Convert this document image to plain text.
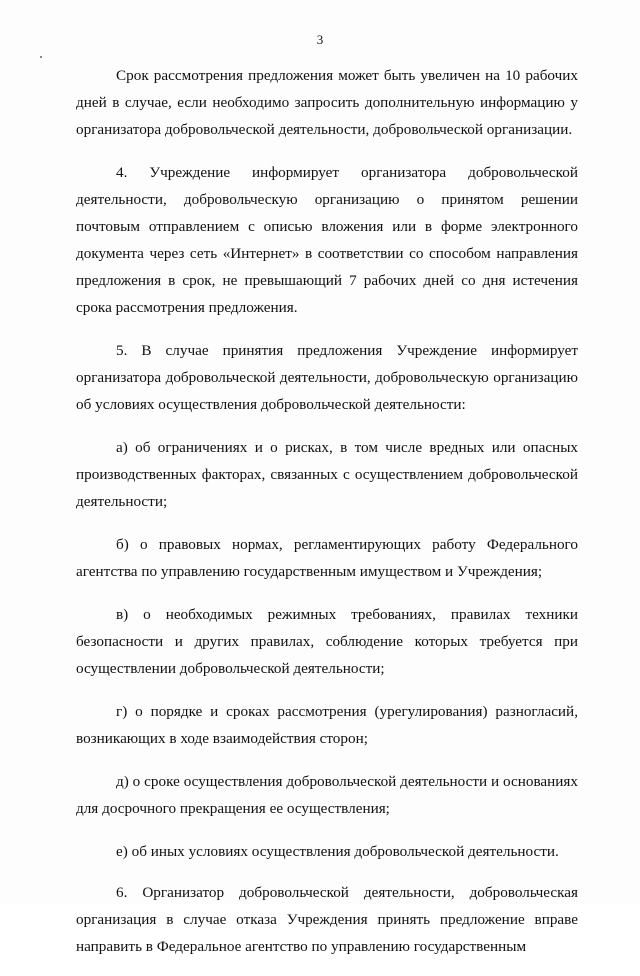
3

Срок рассмотрения предложения может быть увеличен на 10 рабочих дней в случае, если необходимо запросить дополнительную информацию у организатора добровольческой деятельности, добровольческой организации.

4. Учреждение информирует организатора добровольческой деятельности, добровольческую организацию о принятом решении почтовым отправлением с описью вложения или в форме электронного документа через сеть «Интернет» в соответствии со способом направления предложения в срок, не превышающий 7 рабочих дней со дня истечения срока рассмотрения предложения.

5. В случае принятия предложения Учреждение информирует организатора добровольческой деятельности, добровольческую организацию об условиях осуществления добровольческой деятельности:

а) об ограничениях и о рисках, в том числе вредных или опасных производственных факторах, связанных с осуществлением добровольческой деятельности;

б) о правовых нормах, регламентирующих работу Федерального агентства по управлению государственным имуществом и Учреждения;

в) о необходимых режимных требованиях, правилах техники безопасности и других правилах, соблюдение которых требуется при осуществлении добровольческой деятельности;

г) о порядке и сроках рассмотрения (урегулирования) разногласий, возникающих в ходе взаимодействия сторон;

д) о сроке осуществления добровольческой деятельности и основаниях для досрочного прекращения ее осуществления;

е) об иных условиях осуществления добровольческой деятельности.

6. Организатор добровольческой деятельности, добровольческая организация в случае отказа Учреждения принять предложение вправе направить в Федеральное агентство по управлению государственным
